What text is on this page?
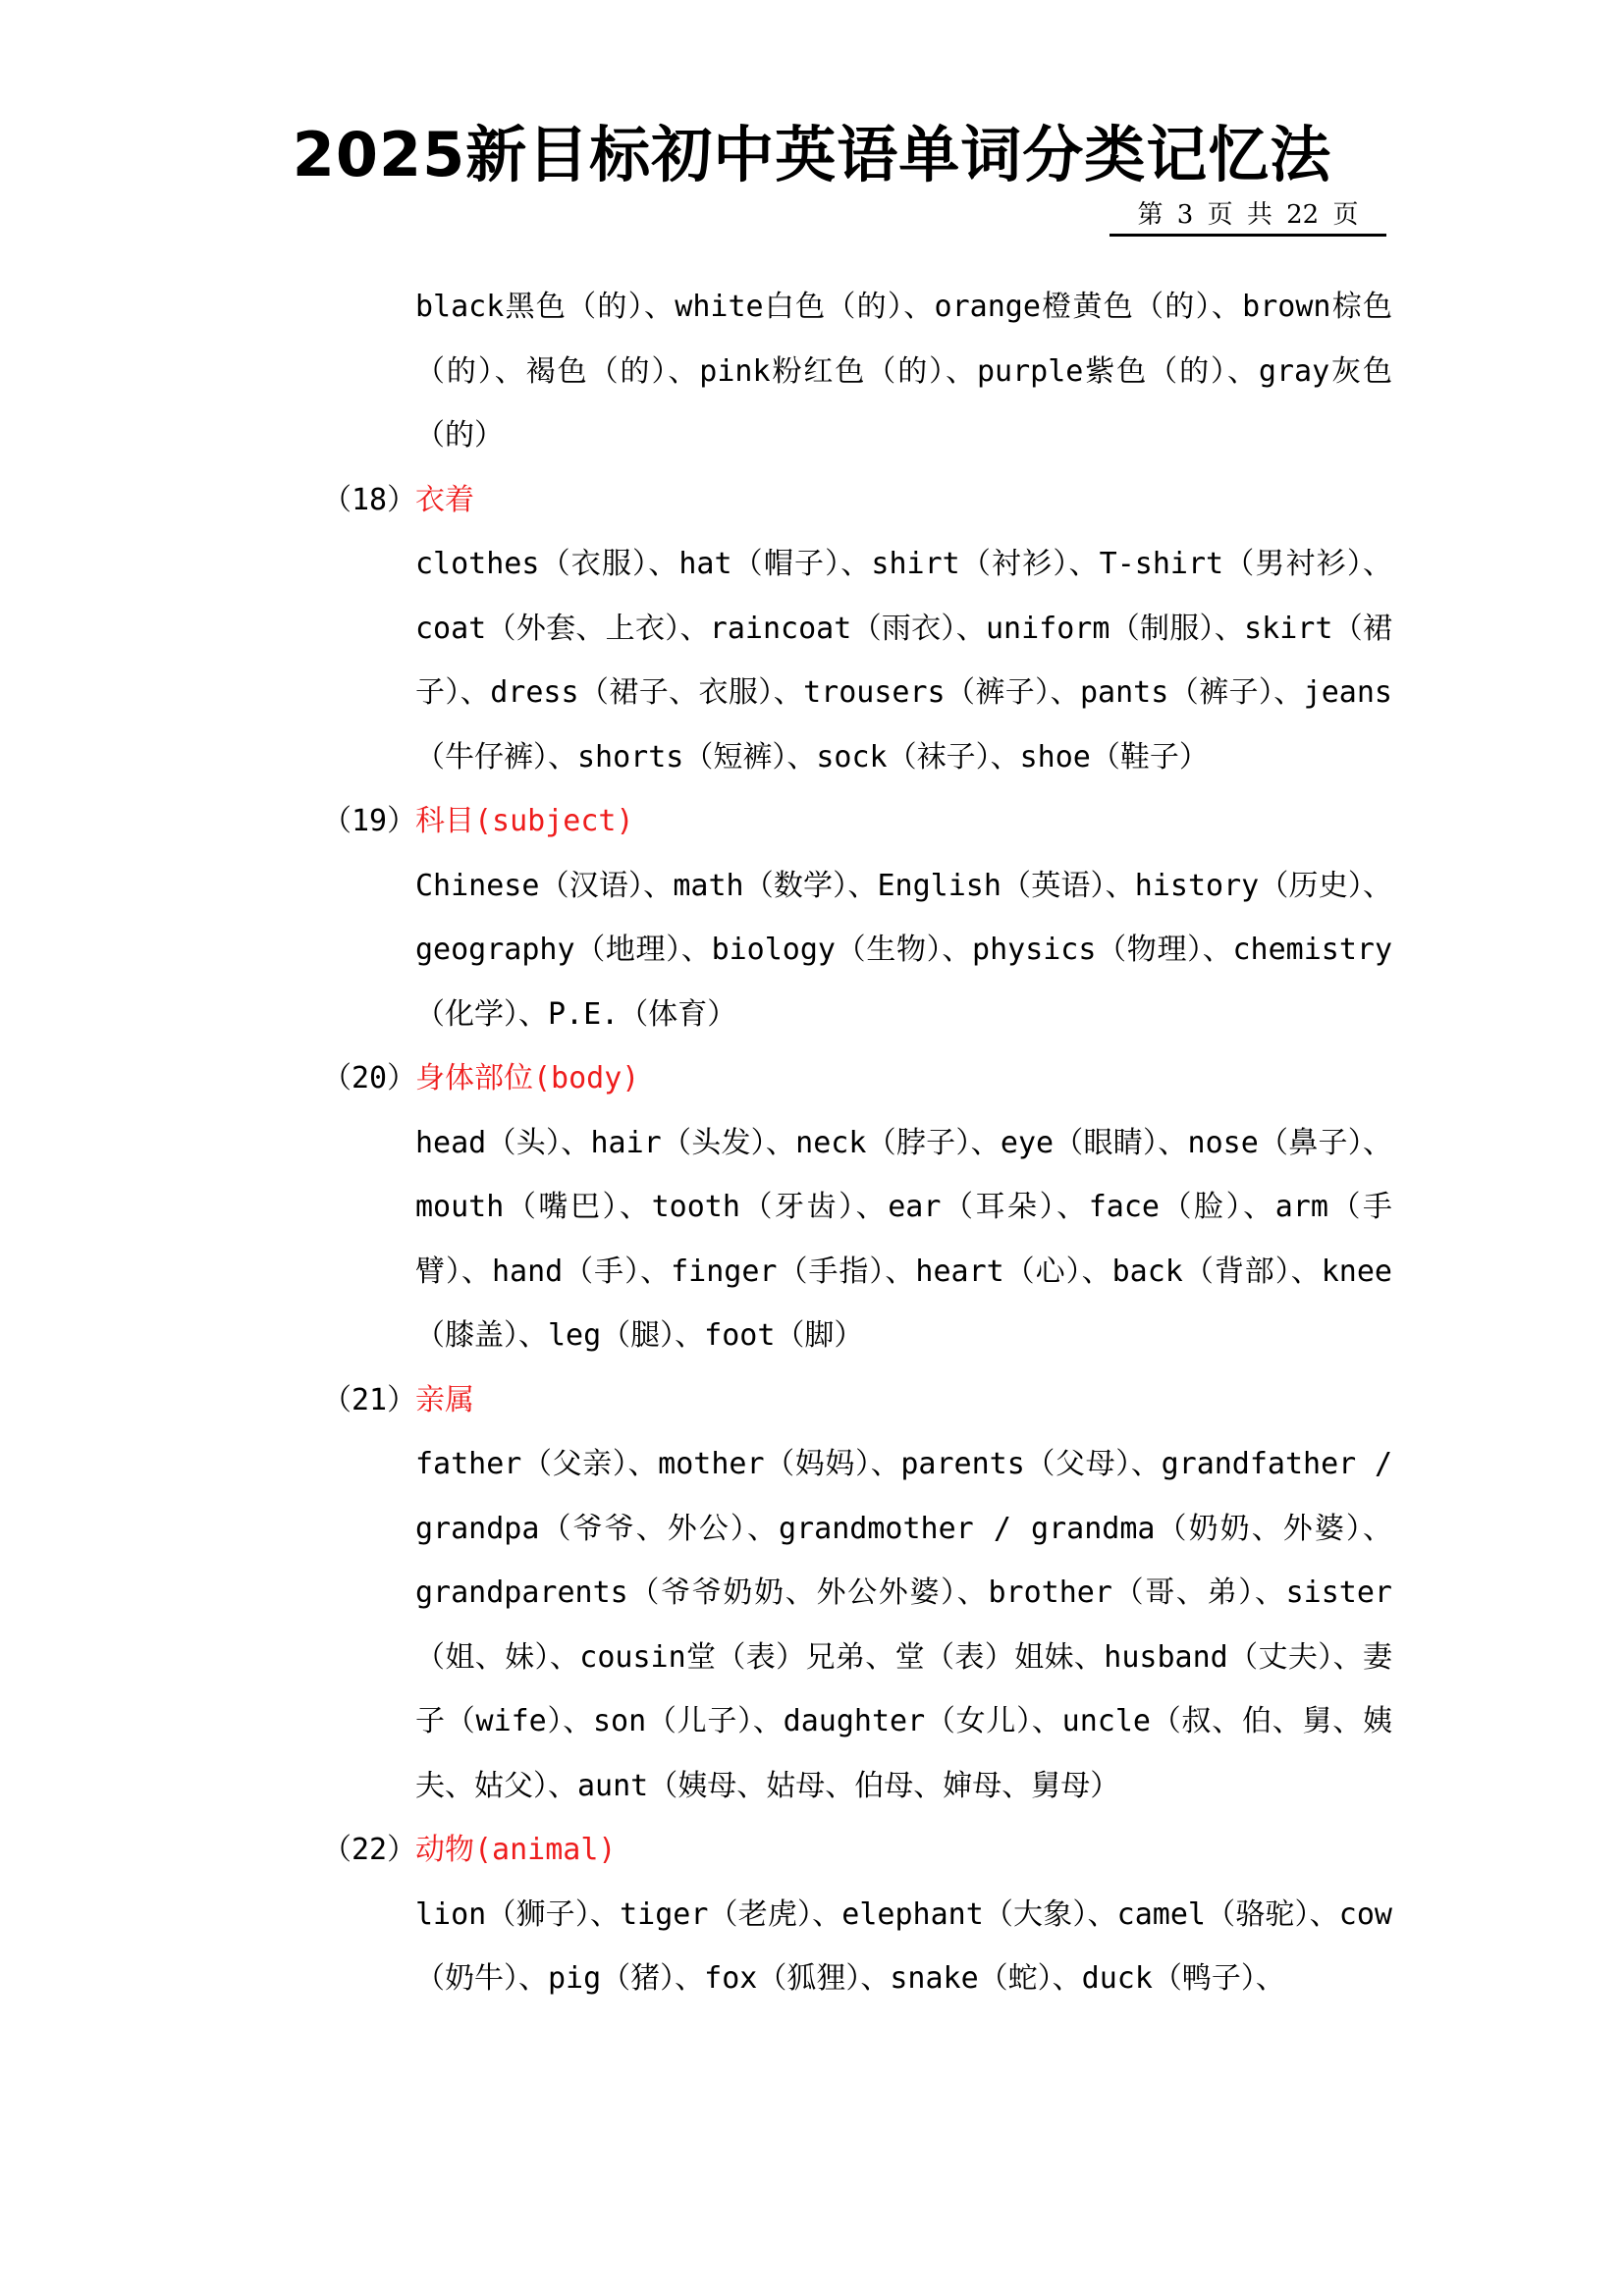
2025新目标初中英语单词分类记忆法
第 3 页 共 22 页

black黑色（的）、white白色（的）、orange橙黄色（的）、brown棕色（的）、褐色（的）、pink粉红色（的）、purple紫色（的）、gray灰色（的）

（18）衣着

clothes（衣服）、hat（帽子）、shirt（衬衫）、T-shirt（男衬衫）、coat（外套、上衣）、raincoat（雨衣）、uniform（制服）、skirt（裙子）、dress（裙子、衣服）、trousers（裤子）、pants（裤子）、jeans（牛仔裤）、shorts（短裤）、sock（袜子）、shoe（鞋子）

（19）科目(subject)

Chinese（汉语）、math（数学）、English（英语）、history（历史）、geography（地理）、biology（生物）、physics（物理）、chemistry（化学）、P.E.（体育）

（20）身体部位(body)

head（头）、hair（头发）、neck（脖子）、eye（眼睛）、nose（鼻子）、mouth（嘴巴）、tooth（牙齿）、ear（耳朵）、face（脸）、arm（手臂）、hand（手）、finger（手指）、heart（心）、back（背部）、knee（膝盖）、leg（腿）、foot（脚）

（21）亲属

father（父亲）、mother（妈妈）、parents（父母）、grandfather / grandpa（爷爷、外公）、grandmother / grandma（奶奶、外婆）、grandparents（爷爷奶奶、外公外婆）、brother（哥、弟）、sister（姐、妹）、cousin堂（表）兄弟、堂（表）姐妹、husband（丈夫）、妻子（wife）、son（儿子）、daughter（女儿）、uncle（叔、伯、舅、姨夫、姑父）、aunt（姨母、姑母、伯母、婶母、舅母）

（22）动物(animal)

lion（狮子）、tiger（老虎）、elephant（大象）、camel（骆驼）、cow（奶牛）、pig（猪）、fox（狐狸）、snake（蛇）、duck（鸭子）、
